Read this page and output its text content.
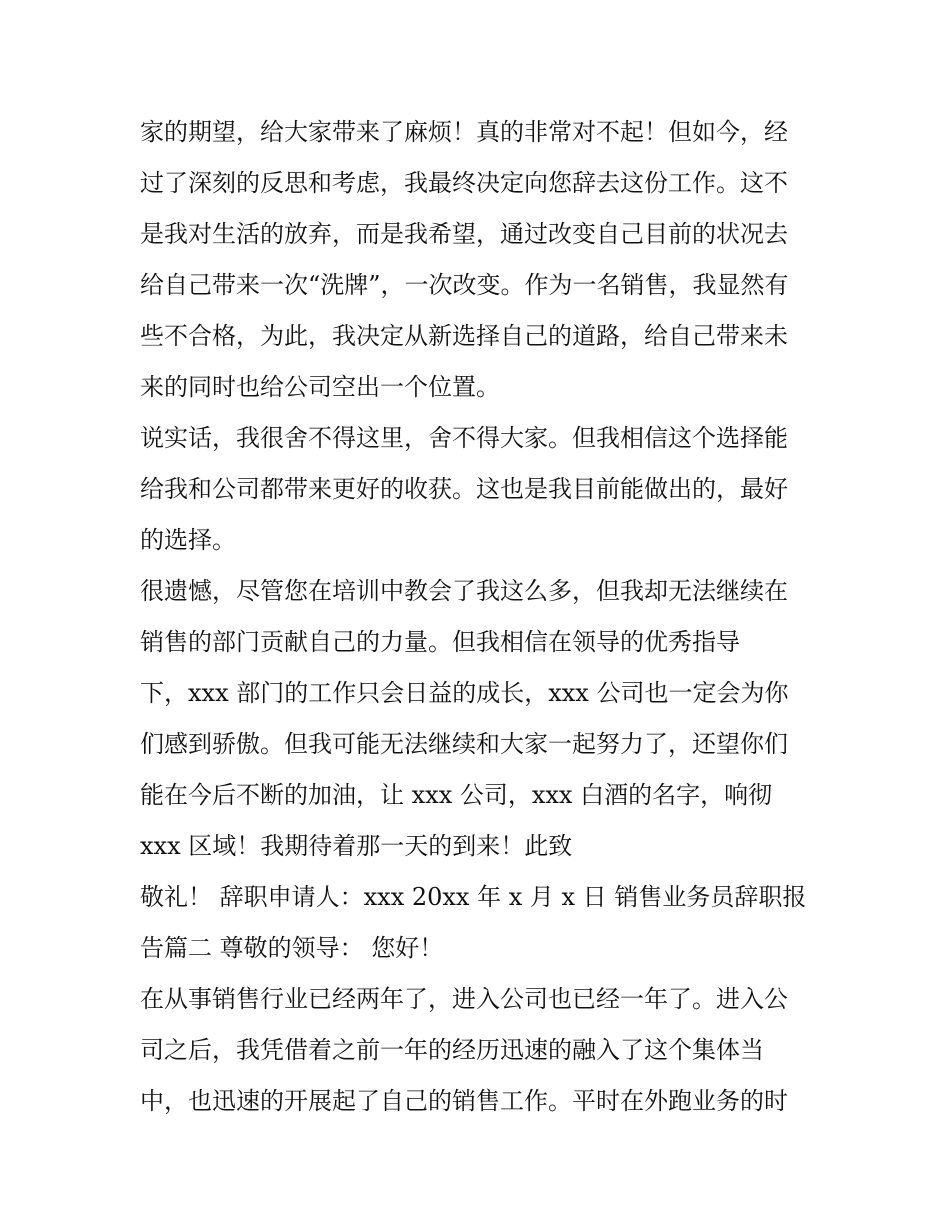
家的期望，给大家带来了麻烦！真的非常对不起！但如今，经
过了深刻的反思和考虑，我最终决定向您辞去这份工作。这不
是我对生活的放弃，而是我希望，通过改变自己目前的状况去
给自己带来一次“洗牌”，一次改变。作为一名销售，我显然有
些不合格，为此，我决定从新选择自己的道路，给自己带来未
来的同时也给公司空出一个位置。
说实话，我很舍不得这里，舍不得大家。但我相信这个选择能
给我和公司都带来更好的收获。这也是我目前能做出的，最好
的选择。
很遗憾，尽管您在培训中教会了我这么多，但我却无法继续在
销售的部门贡献自己的力量。但我相信在领导的优秀指导
下，xxx 部门的工作只会日益的成长，xxx 公司也一定会为你
们感到骄傲。但我可能无法继续和大家一起努力了，还望你们
能在今后不断的加油，让 xxx 公司，xxx 白酒的名字，响彻
xxx 区域！我期待着那一天的到来！此致
敬礼！ 辞职申请人：xxx 20xx 年 x 月 x 日 销售业务员辞职报
告篇二 尊敬的领导： 您好！
在从事销售行业已经两年了，进入公司也已经一年了。进入公
司之后，我凭借着之前一年的经历迅速的融入了这个集体当
中，也迅速的开展起了自己的销售工作。平时在外跑业务的时
